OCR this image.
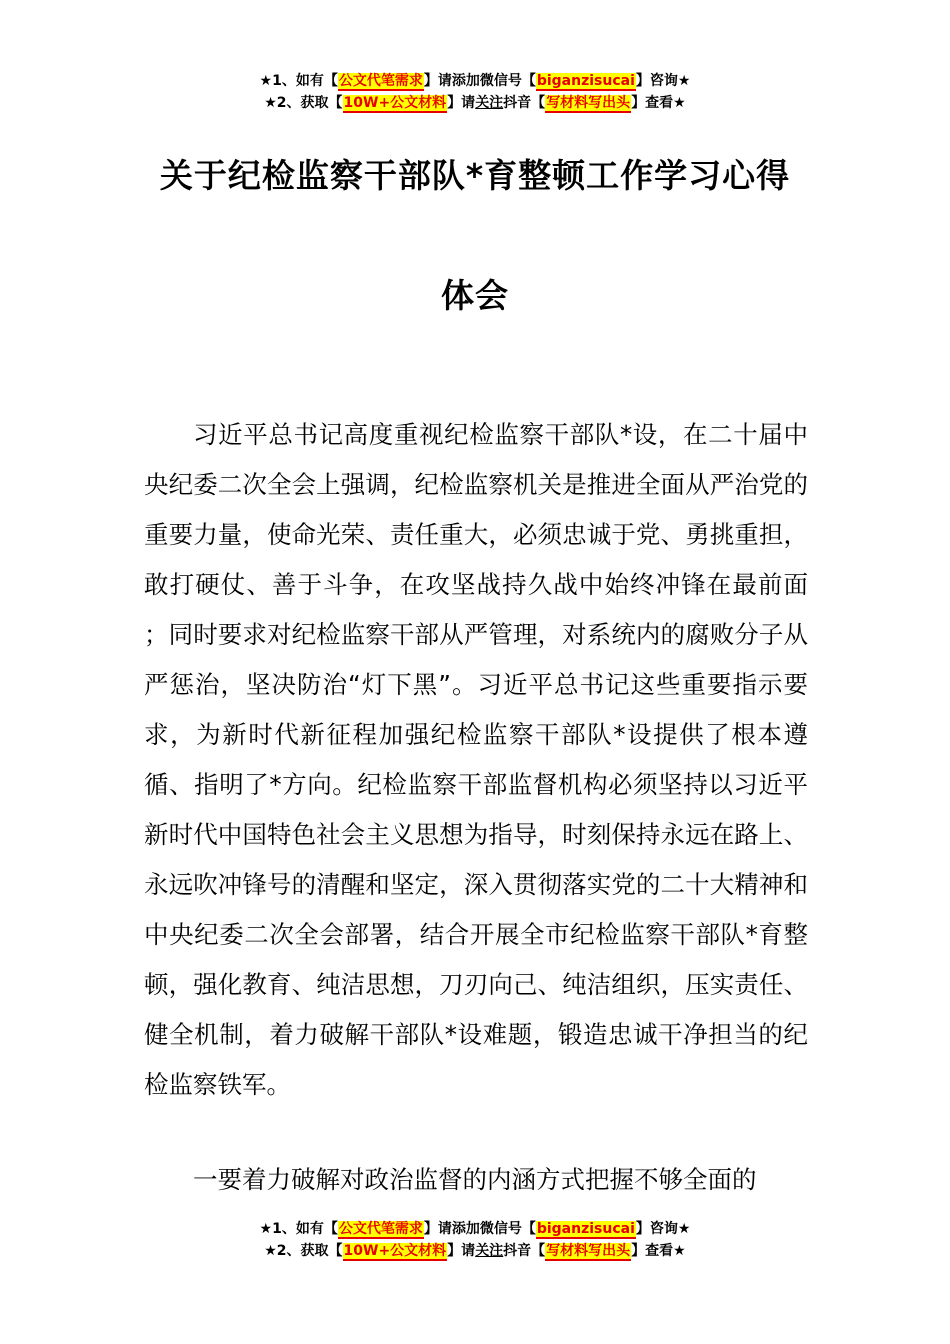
★1、如有【公文代笔需求】请添加微信号【biganzisucai】咨询★
★2、获取【10W+公文材料】请关注抖音【写材料写出头】查看★
关于纪检监察干部队*育整顿工作学习心得
体会

习近平总书记高度重视纪检监察干部队*设，在二十届中央纪委二次全会上强调，纪检监察机关是推进全面从严治党的重要力量，使命光荣、责任重大，必须忠诚于党、勇挑重担，敢打硬仗、善于斗争，在攻坚战持久战中始终冲锋在最前面 ；同时要求对纪检监察干部从严管理，对系统内的腐败分子从严惩治，坚决防治“灯下黑”。习近平总书记这些重要指示要求，为新时代新征程加强纪检监察干部队*设提供了根本遵循、指明了*方向。纪检监察干部监督机构必须坚持以习近平新时代中国特色社会主义思想为指导，时刻保持永远在路上、永远吹冲锋号的清醒和坚定，深入贯彻落实党的二十大精神和中央纪委二次全会部署，结合开展全市纪检监察干部队*育整顿，强化教育、纯洁思想，刀刃向己、纯洁组织，压实责任、健全机制，着力破解干部队*设难题，锻造忠诚干净担当的纪检监察铁军。

一要着力破解对政治监督的内涵方式把握不够全面的

★1、如有【公文代笔需求】请添加微信号【biganzisucai】咨询★
★2、获取【10W+公文材料】请关注抖音【写材料写出头】查看★
